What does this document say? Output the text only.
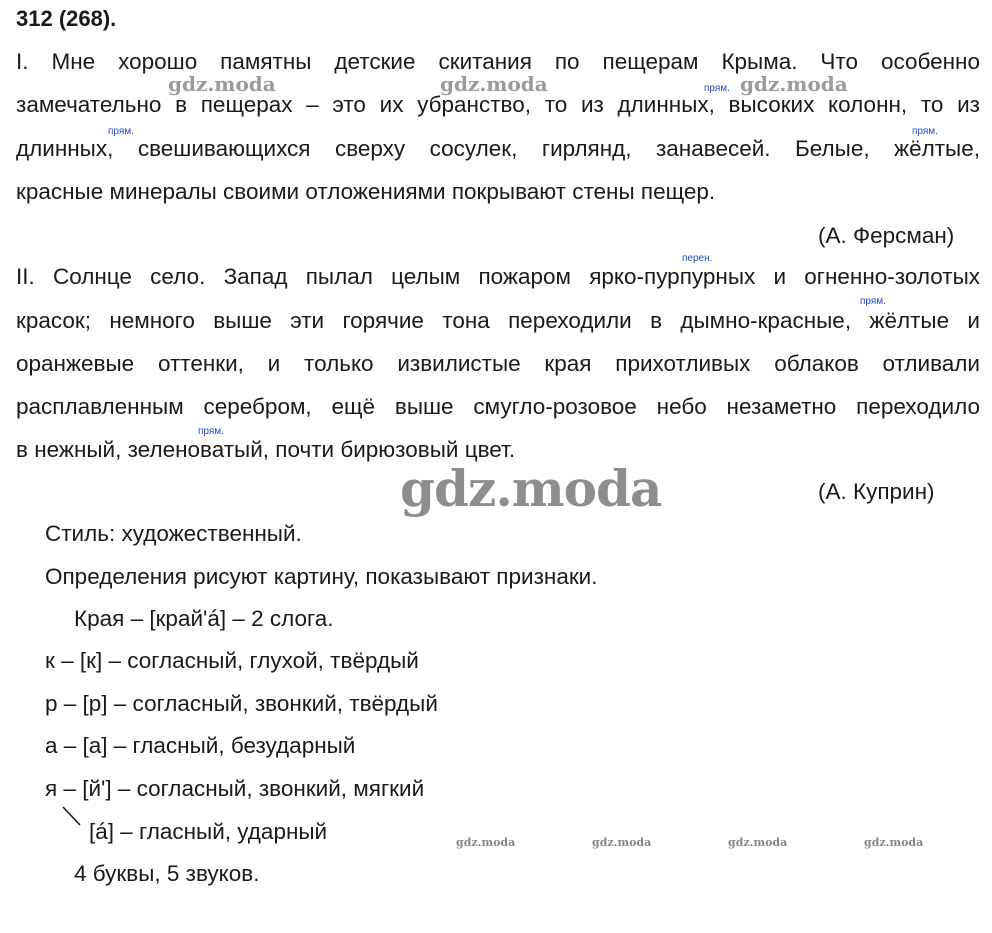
312 (268).
I. Мне хорошо памятны детские скитания по пещерам Крыма. Что особенно
замечательно в пещерах – это их убранство, то из длинных, высоких колонн, то из
длинных, свешивающихся сверху сосулек, гирлянд, занавесей. Белые, жёлтые,
красные минералы своими отложениями покрывают стены пещер.
прям.
прям.	прям.
(А. Ферсман)
II. Солнце село. Запад пылал целым пожаром ярко-пурпурных и огненно-золотых
красок; немного выше эти горячие тона переходили в дымно-красные, жёлтые и
оранжевые оттенки, и только извилистые края прихотливых облаков отливали
расплавленным серебром, ещё выше смугло-розовое небо незаметно переходило
в нежный, зеленоватый, почти бирюзовый цвет.
перен.
прям.
прям.
(А. Куприн)
Стиль: художественный.
Определения рисуют картину, показывают признаки.
Края – [край'á] – 2 слога.
к – [к] – согласный, глухой, твёрдый
р – [р] – согласный, звонкий, твёрдый
а – [а] – гласный, безударный
я – [й'] – согласный, звонкий, мягкий
[á] – гласный, ударный
4 буквы, 5 звуков.
gdz.moda	gdz.moda	gdz.moda
gdz.moda
gdz.moda	gdz.moda	gdz.moda	gdz.moda
